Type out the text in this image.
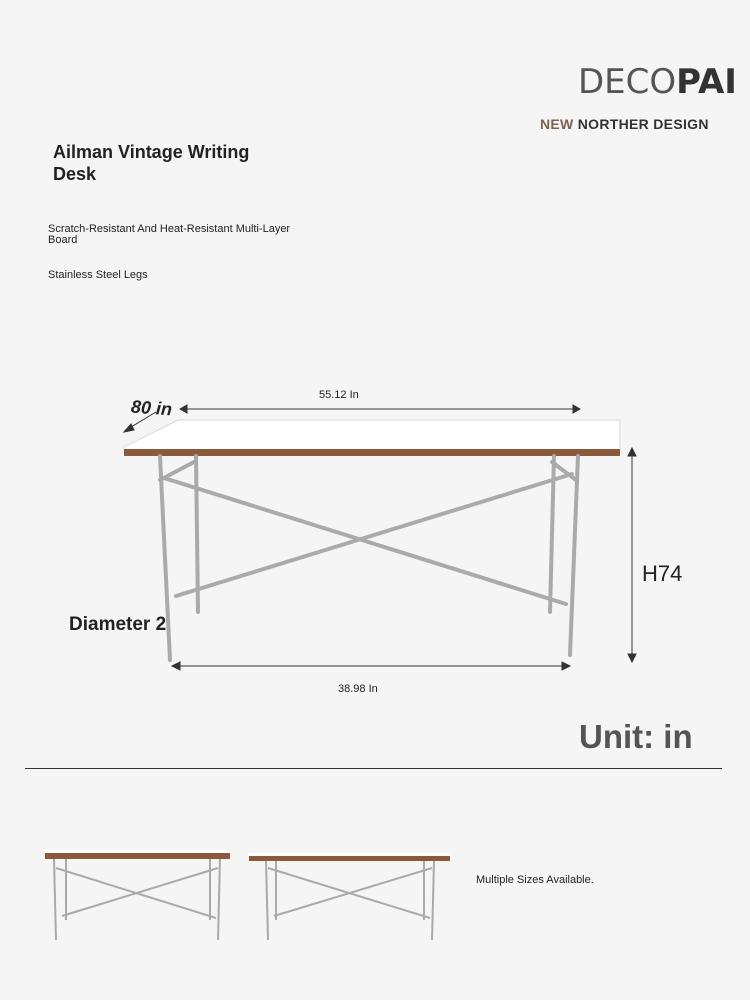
DECOPAI
NEW NORTHER DESIGN
Ailman Vintage Writing Desk
Scratch-Resistant And Heat-Resistant Multi-Layer Board
Stainless Steel Legs
80 in
55.12 In
H74
Diameter 2
38.98 In
Unit: in
Multiple Sizes Available.
